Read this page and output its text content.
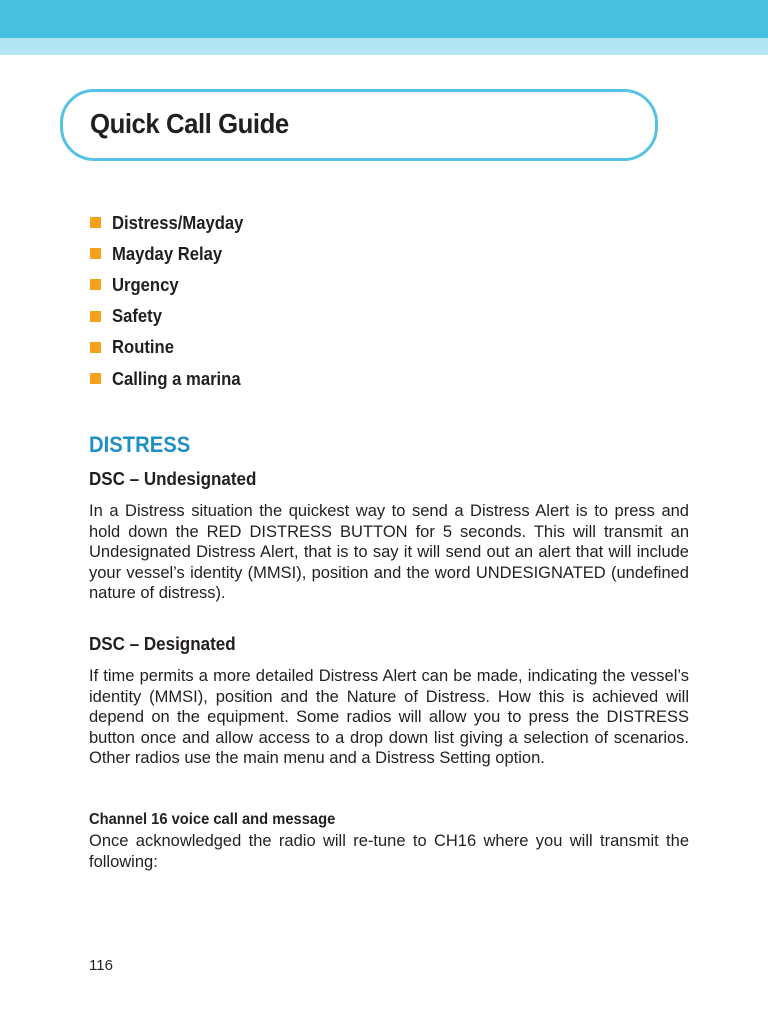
Quick Call Guide
Distress/Mayday
Mayday Relay
Urgency
Safety
Routine
Calling a marina
DISTRESS
DSC – Undesignated

In a Distress situation the quickest way to send a Distress Alert is to press and hold down the RED DISTRESS BUTTON for 5 seconds. This will transmit an Undesignated Distress Alert, that is to say it will send out an alert that will include your vessel’s identity (MMSI), position and the word UNDESIGNATED (undefined nature of distress).

DSC – Designated

If time permits a more detailed Distress Alert can be made, indicating the vessel’s identity (MMSI), position and the Nature of Distress. How this is achieved will depend on the equipment. Some radios will allow you to press the DISTRESS button once and allow access to a drop down list giving a selection of scenarios. Other radios use the main menu and a Distress Setting option.

Channel 16 voice call and message

Once acknowledged the radio will re-tune to CH16 where you will transmit the following:

116
